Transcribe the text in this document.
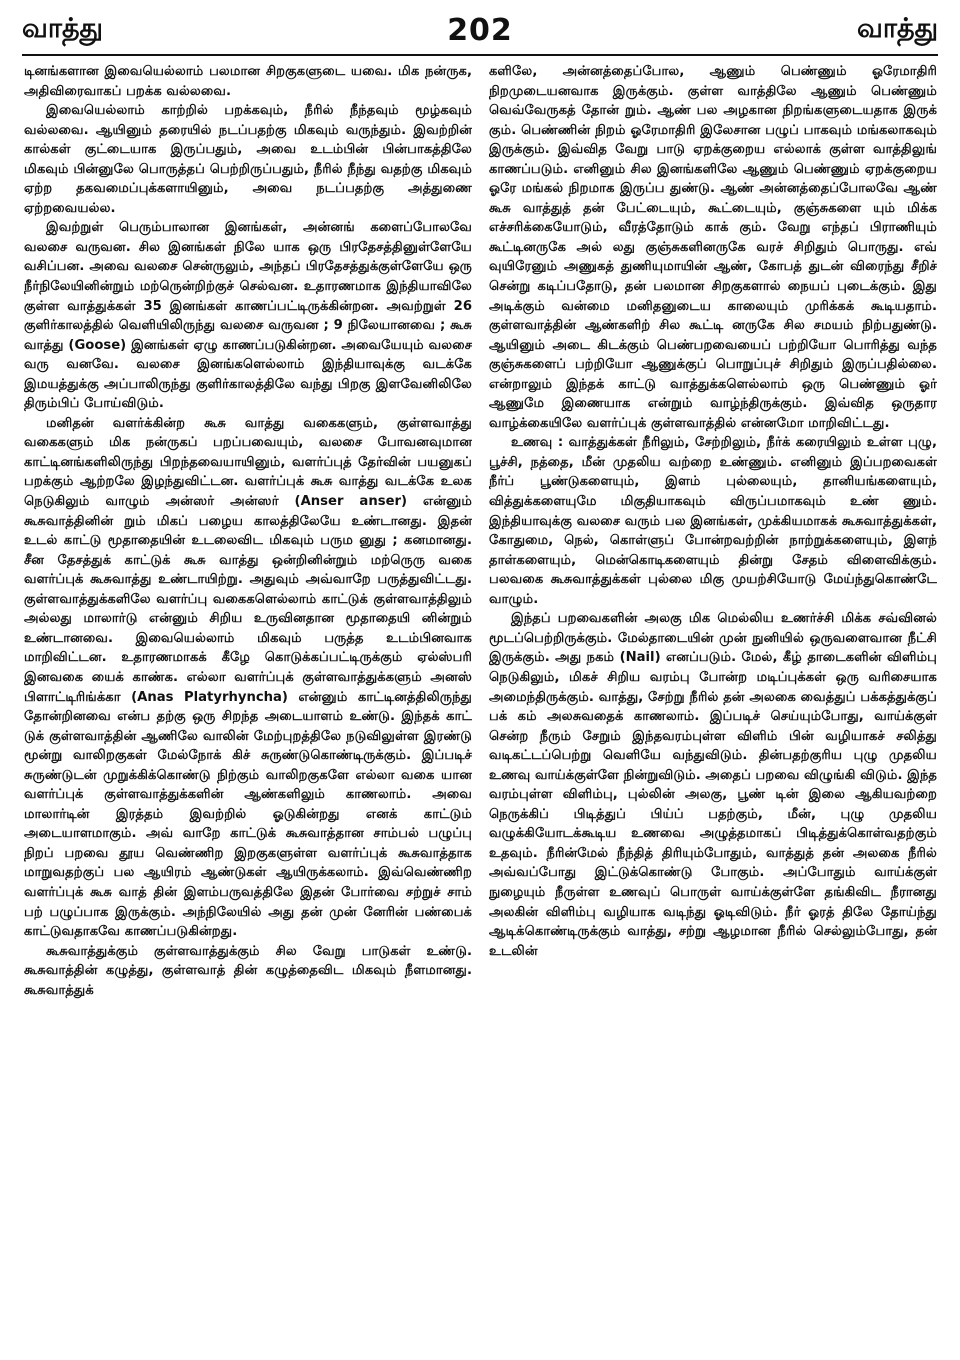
வாத்து	202	வாத்து

டினங்களான இவையெல்லாம் பலமான சிறகுகளுடை யவை. மிக நன்ருக, அதிவிரைவாகப் பறக்க வல்லவை.

இவையெல்லாம் காற்றில் பறக்கவும், நீரில் நீந்தவும் மூழ்கவும் வல்லவை. ஆயினும் தரையில் நடப்பதற்கு மிகவும் வருந்தும். இவற்றின் கால்கள் குட்டையாக இருப்பதும், அவை உடம்பின் பின்பாகத்திலே மிகவும் பின்னுலே பொருத்தப் பெற்றிருப்பதும், நீரில் நீந்து வதற்கு மிகவும் ஏற்ற தகவமைப்புக்களாயினும், அவை நடப்பதற்கு அத்துணை ஏற்றவையல்ல.

இவற்றுள் பெரும்பாலான இனங்கள், அன்னங் களைப்போலவே வலசை வருவன. சில இனங்கள் நிலே யாக ஒரு பிரதேசத்தினுள்ளேயே வசிப்பன. அவை வலசை சென்ருலும், அந்தப் பிரதேசத்துக்குள்ளேயே ஒரு நீர்நிலேயினின்றும் மற்ருென்றிற்குச் செல்வன. உதாரணமாக இந்தியாவிலே குள்ள வாத்துக்கள் 35 இனங்கள் காணப்பட்டிருக்கின்றன. அவற்றுள் 26 குளிர்காலத்தில் வெளியிலிருந்து வலசை வருவன ; 9 நிலேயானவை ; கூசு வாத்து (Goose) இனங்கள் ஏழு காணப்படுகின்றன. அவையேயும் வலசை வரு வனவே. வலசை இனங்களெல்லாம் இந்தியாவுக்கு வடக்கே இமயத்துக்கு அப்பாலிருந்து குளிர்காலத்திலே வந்து பிறகு இளவேனிலிலே திரும்பிப் போய்விடும்.

மனிதன் வளர்க்கின்ற கூசு வாத்து வகைகளும், குள்ளவாத்து வகைகளும் மிக நன்ருகப் பறப்பவையும், வலசை போவனவுமான காட்டினங்களிலிருந்து பிறந்தவையாயினும், வளர்ப்புத் தேர்வின் பயனுகப் பறக்கும் ஆற்றலே இழந்துவிட்டன. வளர்ப்புக் கூசு வாத்து வடக்கே உலக நெடுகிலும் வாழும் அன்ஸர் அன்ஸர் (Anser anser) என்னும் கூசுவாத்தினின் றும் மிகப் பழைய காலத்திலேயே உண்டானது. இதன் உடல் காட்டு மூதாதையின் உடலைவிட மிகவும் பரும னுது ; கனமானது. சீன தேசத்துக் காட்டுக் கூசு வாத்து ஒன்றினின்றும் மற்ருெரு வகை வளர்ப்புக் கூசுவாத்து உண்டாயிற்று. அதுவும் அவ்வாறே பருத்துவிட்டது. குள்ளவாத்துக்களிலே வளர்ப்பு வகைகளெல்லாம் காட்டுக் குள்ளவாத்திலும் அல்லது மாலார்டு என்னும் சிறிய உருவினதான மூதாதையி னின்றும் உண்டானவை. இவையெல்லாம் மிகவும் பருத்த உடம்பினவாக மாறிவிட்டன. உதாரணமாகக் கீழே கொடுக்கப்பட்டிருக்கும் ஏல்ஸ்பரி இனவகை யைக் காண்க. எல்லா வளர்ப்புக் குள்ளவாத்துக்களும் அனஸ் பிளாட்டிரிங்க்கா (Anas Platyrhyncha) என்னும் காட்டினத்திலிருந்து தோன்றினவை என்ப தற்கு ஒரு சிறந்த அடையாளம் உண்டு. இந்தக் காட் டுக் குள்ளவாத்தின் ஆணிலே வாலின் மேற்புறத்திலே நடுவிலுள்ள இரண்டு மூன்று வாலிறகுகள் மேல்நோக் கிச் சுருண்டுகொண்டிருக்கும். இப்படிச் சுருண்டுடன் முறுக்கிக்கொண்டு நிற்கும் வாலிறகுகளே எல்லா வகை யான வளர்ப்புக் குள்ளவாத்துக்களின் ஆண்களிலும் காணலாம். அவை மாலார்டின் இரத்தம் இவற்றில் ஓடுகின்றது எனக் காட்டும் அடையாளமாகும். அவ் வாறே காட்டுக் கூசுவாத்தான சாம்பல் பழுப்பு நிறப் பறவை தூய வெண்ணிற இறகுகளுள்ள வளர்ப்புக் கூசுவாத்தாக மாறுவதற்குப் பல ஆயிரம் ஆண்டுகள் ஆயிருக்கலாம். இவ்வெண்ணிற வளர்ப்புக் கூசு வாத் தின் இளம்பருவத்திலே இதன் போர்வை சற்றுச் சாம் பற் பழுப்பாக இருக்கும். அந்நிலேயில் அது தன் முன் னேரின் பண்பைக் காட்டுவதாகவே காணப்படுகின்றது.

கூசுவாத்துக்கும் குள்ளவாத்துக்கும் சில வேறு பாடுகள் உண்டு. கூசுவாத்தின் கழுத்து, குள்ளவாத் தின் கழுத்தைவிட மிகவும் நீளமானது. கூசுவாத்துக்

களிலே, அன்னத்தைப்போல, ஆணும் பெண்ணும் ஓரேமாதிரி நிறமுடையனவாக இருக்கும். குள்ள வாத்திலே ஆணும் பெண்ணும் வெவ்வேருகத் தோன் றும். ஆண் பல அழகான நிறங்களுடையதாக இருக் கும். பெண்ணின் நிறம் ஓரேமாதிரி இலேசான பழுப் பாகவும் மங்கலாகவும் இருக்கும். இவ்வித வேறு பாடு ஏறக்குறைய எல்லாக் குள்ள வாத்திலுங் காணப்படும். எனினும் சில இனங்களிலே ஆணும் பெண்ணும் ஏறக்குறைய ஓரே மங்கல் நிறமாக இருப்ப துண்டு. ஆண் அன்னத்தைப்போலவே ஆண் கூசு வாத்துத் தன் பேட்டையும், கூட்டையும், குஞ்சுகளை யும் மிக்க எச்சரிக்கையோடும், வீரத்தோடும் காக் கும். வேறு எந்தப் பிராணியும் கூட்டினருகே அல் லது குஞ்சுகளினருகே வரச் சிறிதும் பொருது. எவ் வுயிரேனும் அணுகத் துணியுமாயின் ஆண், கோபத் துடன் விரைந்து சீறிச் சென்று கடிப்பதோடு, தன் பலமான சிறகுகளால் நையப் புடைக்கும். இது அடிக்கும் வன்மை மனிதனுடைய காலையும் முரிக்கக் கூடியதாம். குள்ளவாத்தின் ஆண்களிற் சில கூட்டி னருகே சில சமயம் நிற்பதுண்டு. ஆயினும் அடை கிடக்கும் பெண்பறவையைப் பற்றியோ பொரித்து வந்த குஞ்சுகளைப் பற்றியோ ஆணுக்குப் பொறுப்புச் சிறிதும் இருப்பதில்லை. என்றாலும் இந்தக் காட்டு வாத்துக்களெல்லாம் ஒரு பெண்ணும் ஓர் ஆணுமே இணையாக என்றும் வாழ்ந்திருக்கும். இவ்வித ஒருதார வாழ்க்கையிலே வளர்ப்புக் குள்ளவாத்தில் என்னமோ மாறிவிட்டது.

உணவு : வாத்துக்கள் நீரிலும், சேற்றிலும், நீர்க் கரையிலும் உள்ள புழு, பூச்சி, நத்தை, மீன் முதலிய வற்றை உண்ணும். எனினும் இப்பறவைகள் நீர்ப் பூண்டுகளையும், இளம் புல்லையும், தானியங்களையும், வித்துக்களையுமே மிகுதியாகவும் விருப்பமாகவும் உண் ணும். இந்தியாவுக்கு வலசை வரும் பல இனங்கள், முக்கியமாகக் கூசுவாத்துக்கள், கோதுமை, நெல், கொள்ளுப் போன்றவற்றின் நாற்றுக்களையும், இளந் தாள்களையும், மென்கொடிகளையும் தின்று சேதம் விளைவிக்கும். பலவகை கூசுவாத்துக்கள் புல்லை மிகு முயற்சியோடு மேய்ந்துகொண்டே வாழும்.

இந்தப் பறவைகளின் அலகு மிக மெல்லிய உணர்ச்சி மிக்க சவ்வினல் மூடப்பெற்றிருக்கும். மேல்தாடையின் முன் நுனியில் ஒருவளைவான நீட்சி இருக்கும். அது நகம் (Nail) எனப்படும். மேல், கீழ் தாடைகளின் விளிம்பு நெடுகிலும், மிகச் சிறிய வரம்பு போன்ற மடிப்புக்கள் ஒரு வரிசையாக அமைந்திருக்கும். வாத்து, சேற்று நீரில் தன் அலகை வைத்துப் பக்கத்துக்குப் பக் கம் அலசுவதைக் காணலாம். இப்படிச் செய்யும்போது, வாய்க்குள் சென்ற நீரும் சேறும் இந்தவரம்புள்ள விளிம் பின் வழியாகச் சலித்து வடிகட்டப்பெற்று வெளியே வந்துவிடும். தின்பதற்குரிய புழு முதலிய உணவு வாய்க்குள்ளே நின்றுவிடும். அதைப் பறவை விழுங்கி விடும். இந்த வரம்புள்ள விளிம்பு, புல்லின் அலகு, பூண் டின் இலை ஆகியவற்றை நெருக்கிப் பிடித்துப் பிய்ப் பதற்கும், மீன், புழு முதலிய வழுக்கியோடக்கூடிய உணவை அழுத்தமாகப் பிடித்துக்கொள்வதற்கும் உதவும். நீரின்மேல் நீந்தித் திரியும்போதும், வாத்துத் தன் அலகை நீரில் அவ்வப்போது இட்டுக்கொண்டு போகும். அப்போதும் வாய்க்குள் நுழையும் நீருள்ள உணவுப் பொருள் வாய்க்குள்ளே தங்கிவிட நீரானது அலகின் விளிம்பு வழியாக வடிந்து ஓடிவிடும். நீர் ஓரத் திலே தோய்ந்து ஆடிக்கொண்டிருக்கும் வாத்து, சற்று ஆழமான நீரில் செல்லும்போது, தன் உடலின்
